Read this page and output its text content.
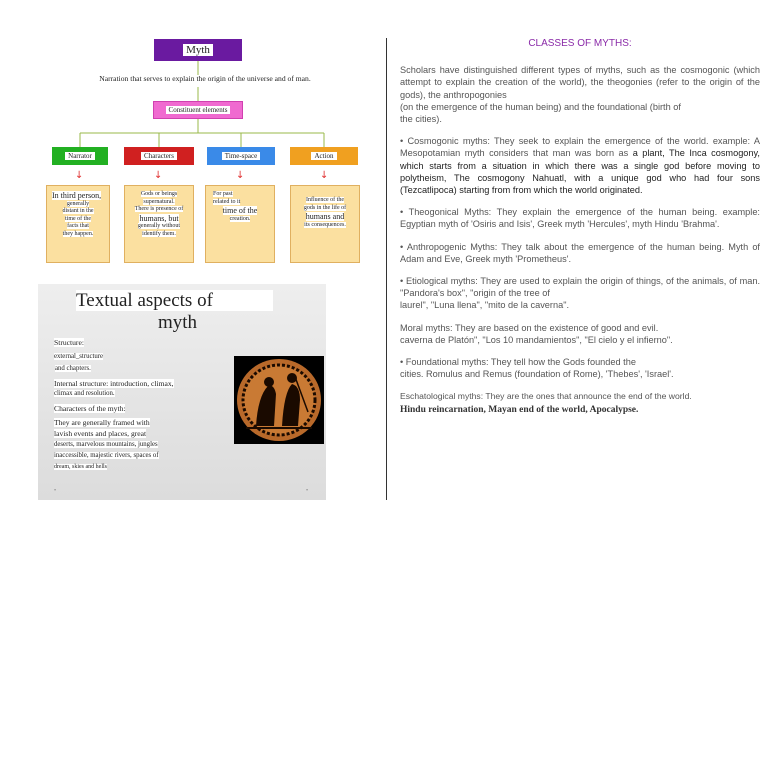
Myth
Narration that serves to explain the origin of the universe and of man.
Constituent elements
Narrator	Characters	Time-space	Action
↓	↓	↓	↓
In third person,
generally
distant in the
time of the
facts that
they happen.
Gods or beings
supernatural.
There is presence of
humans, but
generally without
identify them.
For past
related to it
time of the
creation.
Influence of the
gods in the life of
humans and
its consequences.
Textual aspects of
myth
Structure:
external_structure
and chapters.
Internal structure: introduction, climax,
climax and resolution.
Characters of the myth:
They are generally framed with
lavish events and places, great
deserts, marvelous mountains, jungles
inaccessible, majestic rivers, spaces of
dream, skies and hells
•	•
CLASSES OF MYTHS:

Scholars have distinguished different types of myths, such as the cosmogonic (which attempt to explain the creation of the world), the theogonies (refer to the origin of the gods), the anthropogonies
(on the emergence of the human being) and the foundational (birth of
the cities).

• Cosmogonic myths: They seek to explain the emergence of the world. example: A Mesopotamian myth considers that man was born as a plant, The Inca cosmogony, which starts from a situation in which there was a single god before moving to polytheism, The cosmogony Nahuatl, with a unique god who had four sons (Tezcatlipoca) starting from from which the world originated.

• Theogonical Myths: They explain the emergence of the human being. example: Egyptian myth of 'Osiris and Isis', Greek myth 'Hercules', myth Hindu 'Brahma'.

• Anthropogenic Myths: They talk about the emergence of the human being. Myth of Adam and Eve, Greek myth 'Prometheus'.

• Etiological myths: They are used to explain the origin of things, of the animals, of man. "Pandora's box", "origin of the tree of
laurel", "Luna llena", "mito de la caverna".

Moral myths: They are based on the existence of good and evil.
caverna de Platón", "Los 10 mandamientos", "El cielo y el infierno".

• Foundational myths: They tell how the Gods founded the
cities. Romulus and Remus (foundation of Rome), 'Thebes', 'Israel'.

Eschatological myths: They are the ones that announce the end of the world.
Hindu reincarnation, Mayan end of the world, Apocalypse.
